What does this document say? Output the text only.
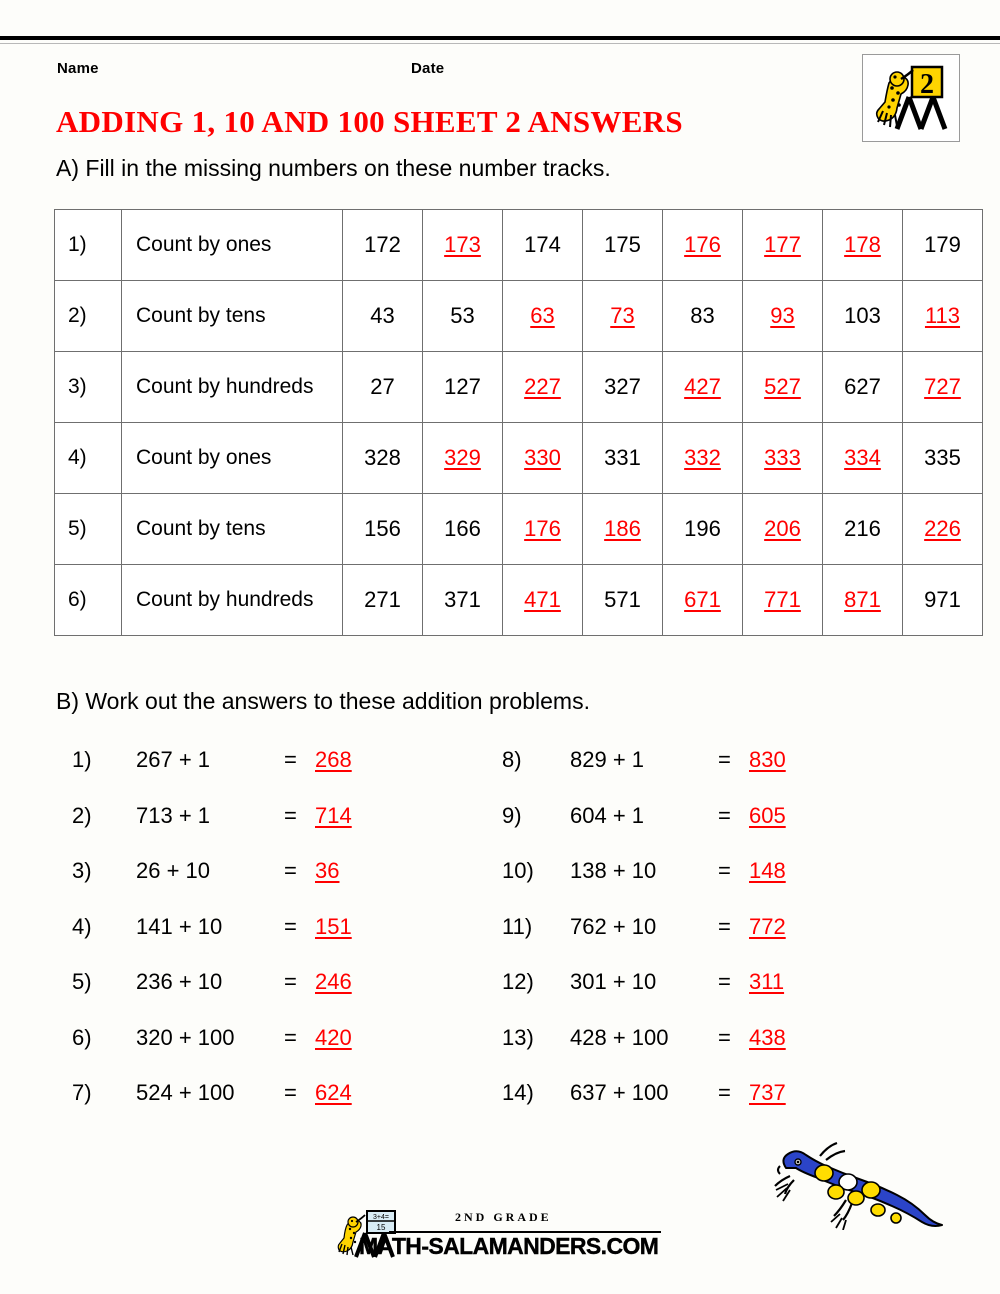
Name	Date
2
ADDING 1, 10 AND 100 SHEET 2 ANSWERS
A) Fill in the missing numbers on these number tracks.
1)	Count by ones	172	173	174	175	176	177	178	179
2)	Count by tens	43	53	63	73	83	93	103	113
3)	Count by hundreds	27	127	227	327	427	527	627	727
4)	Count by ones	328	329	330	331	332	333	334	335
5)	Count by tens	156	166	176	186	196	206	216	226
6)	Count by hundreds	271	371	471	571	671	771	871	971
B) Work out the answers to these addition problems.
1)	267 + 1	= 268
2)	713 + 1	= 714
3)	26 + 10	= 36
4)	141 + 10	= 151
5)	236 + 10	= 246
6)	320 + 100 = 420
7)	524 + 100 = 624
8)	829 + 1	= 830
9)	604 + 1	= 605
10)	138 + 10	= 148
11)	762 + 10	= 772
12)	301 + 10	= 311
13)	428 + 100 = 438
14)	637 + 100 = 737
3+4=
15
2ND GRADE
MATH-SALAMANDERS.COM
